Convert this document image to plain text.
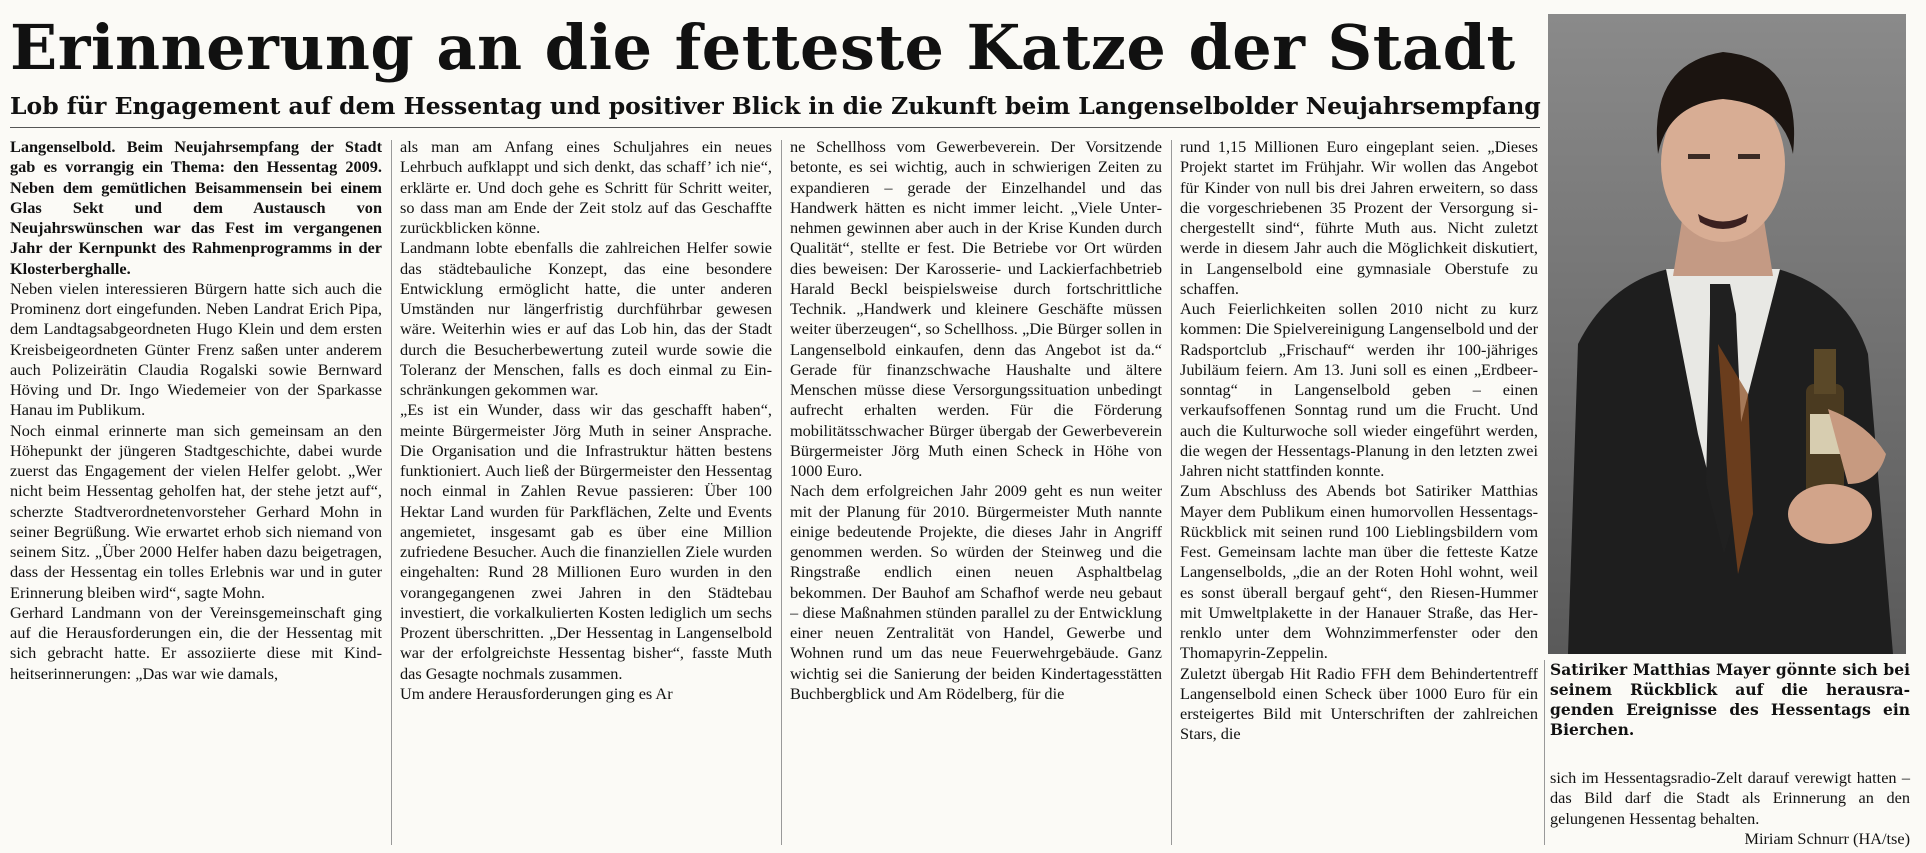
Erinnerung an die fetteste Katze der Stadt
Lob für Engagement auf dem Hessentag und positiver Blick in die Zukunft beim Langenselbolder Neujahrsempfang

Langenselbold. Beim Neujahrsempfang der Stadt gab es vorrangig ein Thema: den Hessentag 2009. Neben dem gemütlichen Beisammensein bei einem Glas Sekt und dem Austausch von Neujahrswünschen war das Fest im vergangenen Jahr der Kernpunkt des Rahmenprogramms in der Klosterberghalle.

Neben vielen interessieren Bürgern hatte sich auch die Prominenz dort eingefunden. Neben Landrat Erich Pipa, dem Landtagsabgeordneten Hugo Klein und dem ersten Kreisbeigeordneten Günter Frenz saßen unter anderem auch Polizeirätin Claudia Rogalski sowie Bernward Höving und Dr. Ingo Wiedemeier von der Sparkasse Hanau im Publikum.

Noch einmal erinnerte man sich gemeinsam an den Höhepunkt der jüngeren Stadtgeschichte, dabei wurde zuerst das Engagement der vielen Helfer gelobt. „Wer nicht beim Hessentag geholfen hat, der stehe jetzt auf“, scherzte Stadtverordnetenvorsteher Gerhard Mohn in seiner Begrüßung. Wie erwartet erhob sich niemand von seinem Sitz. „Über 2000 Helfer haben dazu beigetragen, dass der Hessentag ein tolles Erlebnis war und in guter Erinnerung bleiben wird“, sagte Mohn.

Gerhard Landmann von der Vereinsgemeinschaft ging auf die Herausforderungen ein, die der Hessentag mit sich gebracht hatte. Er assoziierte diese mit Kindheitserinnerungen: „Das war wie damals,

als man am Anfang eines Schuljahres ein neues Lehrbuch aufklappt und sich denkt, das schaff’ ich nie“, erklärte er. Und doch gehe es Schritt für Schritt weiter, so dass man am Ende der Zeit stolz auf das Geschaffte zurückblicken könne.

Landmann lobte ebenfalls die zahlreichen Helfer sowie das städtebauliche Konzept, das eine besondere Entwicklung ermöglicht hatte, die unter anderen Umständen nur längerfristig durchführbar gewesen wäre. Weiterhin wies er auf das Lob hin, das der Stadt durch die Besucherbewertung zuteil wurde sowie die Toleranz der Menschen, falls es doch einmal zu Einschränkungen gekommen war.

„Es ist ein Wunder, dass wir das geschafft haben“, meinte Bürgermeister Jörg Muth in seiner Ansprache. Die Organisation und die Infrastruktur hätten bestens funktioniert. Auch ließ der Bürgermeister den Hessentag noch einmal in Zahlen Revue passieren: Über 100 Hektar Land wurden für Parkflächen, Zelte und Events angemietet, insgesamt gab es über eine Million zufriedene Besucher. Auch die finanziellen Ziele wurden eingehalten: Rund 28 Millionen Euro wurden in den vorangegangenen zwei Jahren in den Städtebau investiert, die vorkalkulierten Kosten lediglich um sechs Prozent überschritten. „Der Hessentag in Langenselbold war der erfolgreichste Hessentag bisher“, fasste Muth das Gesagte nochmals zusammen.

Um andere Herausforderungen ging es Ar

ne Schellhoss vom Gewerbeverein. Der Vorsitzende betonte, es sei wichtig, auch in schwierigen Zeiten zu expandieren – gerade der Einzelhandel und das Handwerk hätten es nicht immer leicht. „Viele Unternehmen gewinnen aber auch in der Krise Kunden durch Qualität“, stellte er fest. Die Betriebe vor Ort würden dies beweisen: Der Karosserie- und Lackierfachbetrieb Harald Beckl beispielsweise durch fortschrittliche Technik. „Handwerk und kleinere Geschäfte müssen weiter überzeugen“, so Schellhoss. „Die Bürger sollen in Langenselbold einkaufen, denn das Angebot ist da.“ Gerade für finanzschwache Haushalte und ältere Menschen müsse diese Versorgungssituation unbedingt aufrecht erhalten werden. Für die Förderung mobilitätsschwacher Bürger übergab der Gewerbeverein Bürgermeister Jörg Muth einen Scheck in Höhe von 1000 Euro.

Nach dem erfolgreichen Jahr 2009 geht es nun weiter mit der Planung für 2010. Bürgermeister Muth nannte einige bedeutende Projekte, die dieses Jahr in Angriff genommen werden. So würden der Steinweg und die Ringstraße endlich einen neuen Asphaltbelag bekommen. Der Bauhof am Schafhof werde neu gebaut – diese Maßnahmen stünden parallel zu der Entwicklung einer neuen Zentralität von Handel, Gewerbe und Wohnen rund um das neue Feuerwehrgebäude. Ganz wichtig sei die Sanierung der beiden Kindertagesstätten Buchbergblick und Am Rödelberg, für die

rund 1,15 Millionen Euro eingeplant seien. „Dieses Projekt startet im Frühjahr. Wir wollen das Angebot für Kinder von null bis drei Jahren erweitern, so dass die vorgeschriebenen 35 Prozent der Versorgung sichergestellt sind“, führte Muth aus. Nicht zuletzt werde in diesem Jahr auch die Möglichkeit diskutiert, in Langenselbold eine gymnasiale Oberstufe zu schaffen.

Auch Feierlichkeiten sollen 2010 nicht zu kurz kommen: Die Spielvereinigung Langenselbold und der Radsportclub „Frischauf“ werden ihr 100-jähriges Jubiläum feiern. Am 13. Juni soll es einen „Erdbeersonntag“ in Langenselbold geben – einen verkaufsoffenen Sonntag rund um die Frucht. Und auch die Kulturwoche soll wieder eingeführt werden, die wegen der Hessentags-Planung in den letzten zwei Jahren nicht stattfinden konnte.

Zum Abschluss des Abends bot Satiriker Matthias Mayer dem Publikum einen humorvollen Hessentags-Rückblick mit seinen rund 100 Lieblingsbildern vom Fest. Gemeinsam lachte man über die fetteste Katze Langenselbolds, „die an der Roten Hohl wohnt, weil es sonst überall bergauf geht“, den Riesen-Hummer mit Umweltplakette in der Hanauer Straße, das Herrenklo unter dem Wohnzimmerfenster oder den Thomapyrin-Zeppelin.

Zuletzt übergab Hit Radio FFH dem Behindertentreff Langenselbold einen Scheck über 1000 Euro für ein ersteigertes Bild mit Unterschriften der zahlreichen Stars, die

Satiriker Matthias Mayer gönnte sich bei seinem Rückblick auf die herausragenden Ereignisse des Hessentags ein Bierchen.

sich im Hessentagsradio-Zelt darauf verewigt hatten – das Bild darf die Stadt als Erinnerung an den gelungenen Hessentag behalten.

Miriam Schnurr (HA/tse)
